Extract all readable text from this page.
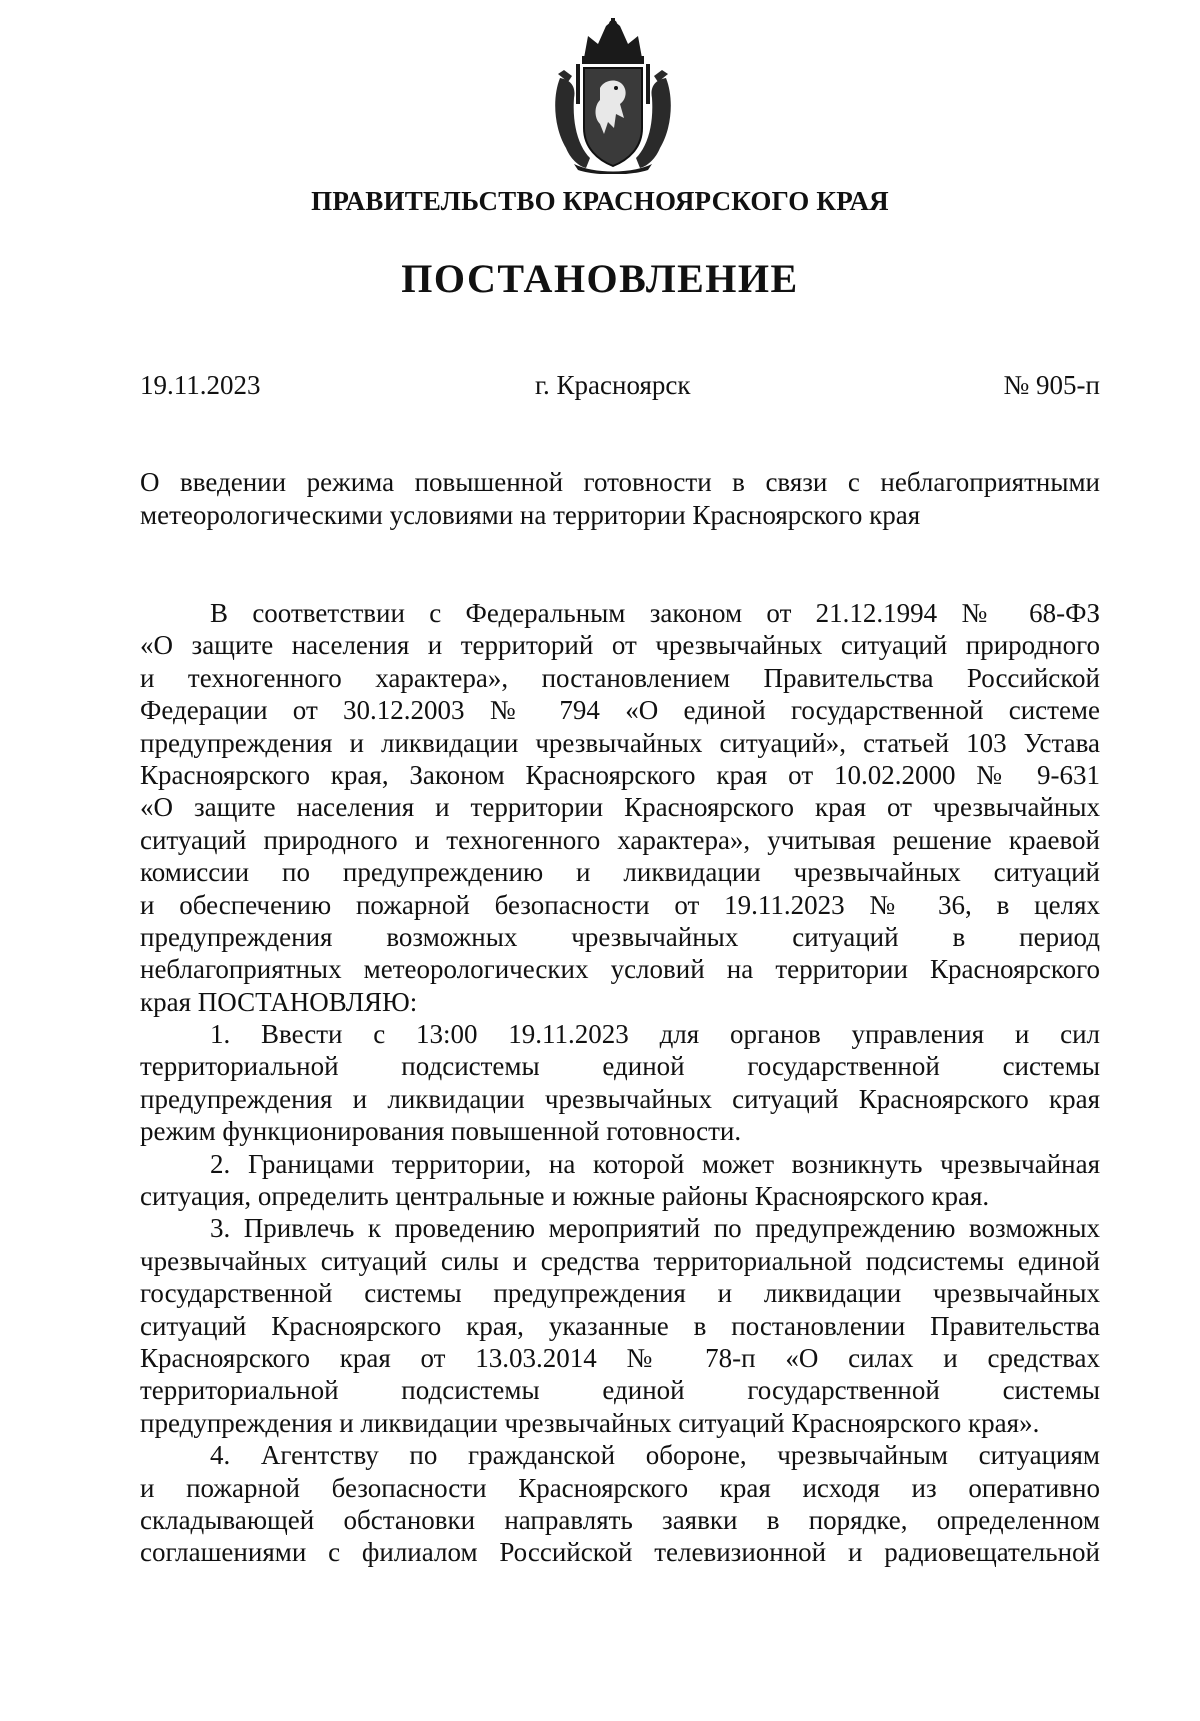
ПРАВИТЕЛЬСТВО КРАСНОЯРСКОГО КРАЯ
ПОСТАНОВЛЕНИЕ
19.11.2023	г. Красноярск	№ 905-п
О введении режима повышенной готовности в связи с неблагоприятными
метеорологическими условиями на территории Красноярского края
В соответствии с Федеральным законом от 21.12.1994 № 68-ФЗ
«О защите населения и территорий от чрезвычайных ситуаций природного
и техногенного характера», постановлением Правительства Российской
Федерации от 30.12.2003 № 794 «О единой государственной системе
предупреждения и ликвидации чрезвычайных ситуаций», статьей 103 Устава
Красноярского края, Законом Красноярского края от 10.02.2000 № 9-631
«О защите населения и территории Красноярского края от чрезвычайных
ситуаций природного и техногенного характера», учитывая решение краевой
комиссии по предупреждению и ликвидации чрезвычайных ситуаций
и обеспечению пожарной безопасности от 19.11.2023 № 36, в целях
предупреждения возможных чрезвычайных ситуаций в период
неблагоприятных метеорологических условий на территории Красноярского
края ПОСТАНОВЛЯЮ:
1. Ввести с 13:00 19.11.2023 для органов управления и сил
территориальной подсистемы единой государственной системы
предупреждения и ликвидации чрезвычайных ситуаций Красноярского края
режим функционирования повышенной готовности.
2. Границами территории, на которой может возникнуть чрезвычайная
ситуация, определить центральные и южные районы Красноярского края.
3. Привлечь к проведению мероприятий по предупреждению возможных
чрезвычайных ситуаций силы и средства территориальной подсистемы единой
государственной системы предупреждения и ликвидации чрезвычайных
ситуаций Красноярского края, указанные в постановлении Правительства
Красноярского края от 13.03.2014 № 78-п «О силах и средствах
территориальной подсистемы единой государственной системы
предупреждения и ликвидации чрезвычайных ситуаций Красноярского края».
4. Агентству по гражданской обороне, чрезвычайным ситуациям
и пожарной безопасности Красноярского края исходя из оперативно
складывающей обстановки направлять заявки в порядке, определенном
соглашениями с филиалом Российской телевизионной и радиовещательной
